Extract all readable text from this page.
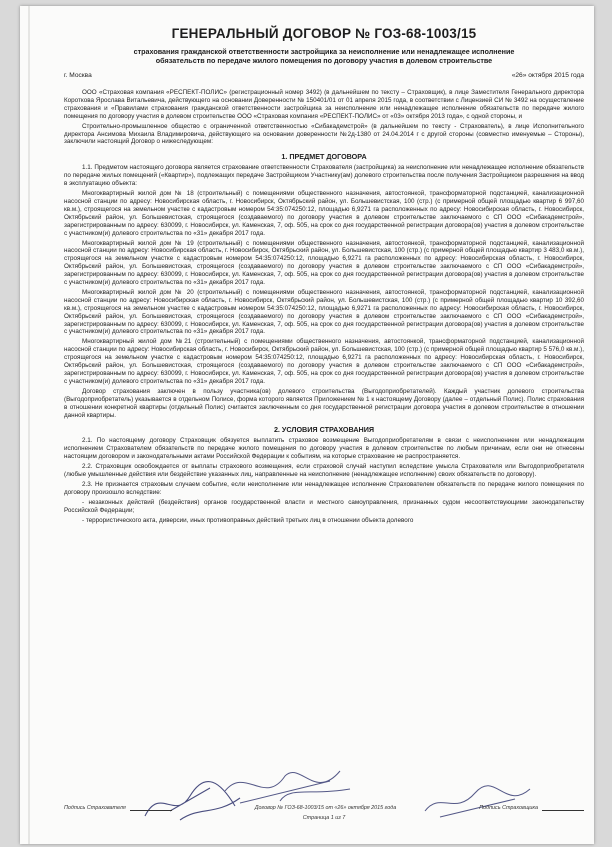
ГЕНЕРАЛЬНЫЙ ДОГОВОР № ГОЗ-68-1003/15
страхования гражданской ответственности застройщика за неисполнение или ненадлежащее исполнение
обязательств по передаче жилого помещения по договору участия в долевом строительстве
г. Москва	«26» октября 2015 года

ООО «Страховая компания «РЕСПЕКТ-ПОЛИС» (регистрационный номер 3492) (в дальнейшем по тексту – Страховщик), в лице Заместителя Генерального директора Короткова Ярослава Витальевича, действующего на основании Доверенности № 150401/01 от 01 апреля 2015 года, в соответствии с Лицензией СИ № 3492 на осуществление страхования и «Правилами страхования гражданской ответственности застройщика за неисполнение или ненадлежащее исполнение обязательств по передаче жилого помещения по договору участия в долевом строительстве ООО «Страховая компания «РЕСПЕКТ-ПОЛИС» от «03» октября 2013 года», с одной стороны, и

Строительно-промышленное общество с ограниченной ответственностью «Сибакадемстрой» (в дальнейшем по тексту - Страхователь), в лице Исполнительного директора Ансимова Михаила Владимировича, действующего на основании доверенности №2д-1380 от 24.04.2014 г с другой стороны (совместно именуемые – Стороны), заключили настоящий Договор о нижеследующем:

1. ПРЕДМЕТ ДОГОВОРА

1.1. Предметом настоящего договора является страхование ответственности Страхователя (застройщика) за неисполнение или ненадлежащее исполнение обязательств по передаче жилых помещений («Квартир»), подлежащих передаче Застройщиком Участнику(ам) долевого строительства после получения Застройщиком разрешения на ввод в эксплуатацию объекта:

Многоквартирный жилой дом № 18 (строительный) с помещениями общественного назначения, автостоянкой, трансформаторной подстанцией, канализационной насосной станции по адресу: Новосибирская область, г. Новосибирск, Октябрьский район, ул. Большевистская, 100 (стр.) (с примерной общей площадью квартир 6 997,60 кв.м.), строящегося на земельном участке с кадастровым номером 54:35:074250:12, площадью 6,9271 га расположенных по адресу: Новосибирская область, г. Новосибирск, Октябрьский район, ул. Большевистская, строящегося (создаваемого) по договору участия в долевом строительстве заключаемого с СП ООО «Сибакадемстрой», зарегистрированным по адресу: 630099, г. Новосибирск, ул. Каменская, 7, оф. 505, на срок со дня государственной регистрации договора(ов) участия в долевом строительстве с участником(и) долевого строительства по «31» декабря 2017 года.

Многоквартирный жилой дом № 19 (строительный) с помещениями общественного назначения, автостоянкой, трансформаторной подстанцией, канализационной насосной станции по адресу: Новосибирская область, г. Новосибирск, Октябрьский район, ул. Большевистская, 100 (стр.) (с примерной общей площадью квартир 3 483,0 кв.м.), строящегося на земельном участке с кадастровым номером 54:35:074250:12, площадью 6,9271 га расположенных по адресу: Новосибирская область, г. Новосибирск, Октябрьский район, ул. Большевистская, строящегося (создаваемого) по договору участия в долевом строительстве заключаемого с СП ООО «Сибакадемстрой», зарегистрированным по адресу: 630099, г. Новосибирск, ул. Каменская, 7, оф. 505, на срок со дня государственной регистрации договора(ов) участия в долевом строительстве с участником(и) долевого строительства по «31» декабря 2017 года.

Многоквартирный жилой дом № 20 (строительный) с помещениями общественного назначения, автостоянкой, трансформаторной подстанцией, канализационной насосной станции по адресу: Новосибирская область, г. Новосибирск, Октябрьский район, ул. Большевистская, 100 (стр.) (с примерной общей площадью квартир 10 392,60 кв.м.), строящегося на земельном участке с кадастровым номером 54:35:074250:12, площадью 6,9271 га расположенных по адресу: Новосибирская область, г. Новосибирск, Октябрьский район, ул. Большевистская, строящегося (создаваемого) по договору участия в долевом строительстве заключаемого с СП ООО «Сибакадемстрой», зарегистрированным по адресу: 630099, г. Новосибирск, ул. Каменская, 7, оф. 505, на срок со дня государственной регистрации договора(ов) участия в долевом строительстве с участником(и) долевого строительства по «31» декабря 2017 года.

Многоквартирный жилой дом №21 (строительный) с помещениями общественного назначения, автостоянкой, трансформаторной подстанцией, канализационной насосной станции по адресу: Новосибирская область, г. Новосибирск, Октябрьский район, ул. Большевистская, 100 (стр.) (с примерной общей площадью квартир 5 576,0 кв.м.), строящегося на земельном участке с кадастровым номером 54:35:074250:12, площадью 6,9271 га расположенных по адресу: Новосибирская область, г. Новосибирск, Октябрьский район, ул. Большевистская, строящегося (создаваемого) по договору участия в долевом строительстве заключаемого с СП ООО «Сибакадемстрой», зарегистрированным по адресу: 630099, г. Новосибирск, ул. Каменская, 7, оф. 505, на срок со дня государственной регистрации договора(ов) участия в долевом строительстве с участником(и) долевого строительства по «31» декабря 2017 года.

Договор страхования заключен в пользу участника(ов) долевого строительства (Выгодоприобретателей). Каждый участник долевого строительства (Выгодоприобретатель) указывается в отдельном Полисе, форма которого является Приложением № 1 к настоящему Договору (далее – отдельный Полис). Полис страхования в отношении конкретной квартиры (отдельный Полис) считается заключенным со дня государственной регистрации договора участия в долевом строительстве в отношении данной квартиры.

2. УСЛОВИЯ СТРАХОВАНИЯ

2.1. По настоящему договору Страховщик обязуется выплатить страховое возмещение Выгодоприобретателям в связи с неисполнением или ненадлежащим исполнением Страхователем обязательств по передаче жилого помещения по договору участия в долевом строительстве по любым причинам, если они не отнесены настоящим договором и законодательными актами Российской Федерации к событиям, на которые страхование не распространяется.

2.2. Страховщик освобождается от выплаты страхового возмещения, если страховой случай наступил вследствие умысла Страхователя или Выгодоприобретателя (любые умышленные действия или бездействие указанных лиц, направленные на неисполнение (ненадлежащее исполнение) своих обязательств по договору).

2.3. Не признается страховым случаем событие, если неисполнение или ненадлежащее исполнение Страхователем обязательств по передаче жилого помещения по договору произошло вследствие:

- незаконных действий (бездействия) органов государственной власти и местного самоуправления, признанных судом несоответствующими законодательству Российской Федерации;

- террористического акта, диверсии, иных противоправных действий третьих лиц в отношении объекта долевого

Подпись Страхователя	Договор № ГОЗ-68-1003/15 от «26» октября 2015 года	Подпись Страховщика
Страница 1 из 7
